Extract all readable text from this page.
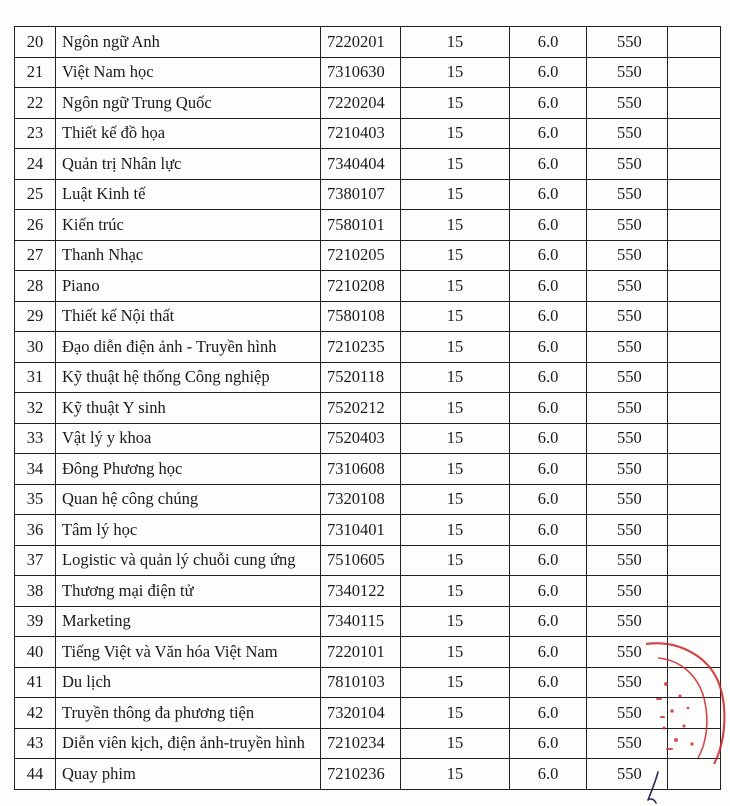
20	Ngôn ngữ Anh	7220201	15	6.0	550	
21	Việt Nam học	7310630	15	6.0	550	
22	Ngôn ngữ Trung Quốc	7220204	15	6.0	550	
23	Thiết kế đồ họa	7210403	15	6.0	550	
24	Quản trị Nhân lực	7340404	15	6.0	550	
25	Luật Kinh tế	7380107	15	6.0	550	
26	Kiến trúc	7580101	15	6.0	550	
27	Thanh Nhạc	7210205	15	6.0	550	
28	Piano	7210208	15	6.0	550	
29	Thiết kế Nội thất	7580108	15	6.0	550	
30	Đạo diễn điện ảnh - Truyền hình	7210235	15	6.0	550	
31	Kỹ thuật hệ thống Công nghiệp	7520118	15	6.0	550	
32	Kỹ thuật Y sinh	7520212	15	6.0	550	
33	Vật lý y khoa	7520403	15	6.0	550	
34	Đông Phương học	7310608	15	6.0	550	
35	Quan hệ công chúng	7320108	15	6.0	550	
36	Tâm lý học	7310401	15	6.0	550	
37	Logistic và quản lý chuỗi cung ứng	7510605	15	6.0	550	
38	Thương mại điện tử	7340122	15	6.0	550	
39	Marketing	7340115	15	6.0	550	
40	Tiếng Việt và Văn hóa Việt Nam	7220101	15	6.0	550	
41	Du lịch	7810103	15	6.0	550	
42	Truyền thông đa phương tiện	7320104	15	6.0	550	
43	Diễn viên kịch, điện ảnh-truyền hình	7210234	15	6.0	550	
44	Quay phim	7210236	15	6.0	550	
